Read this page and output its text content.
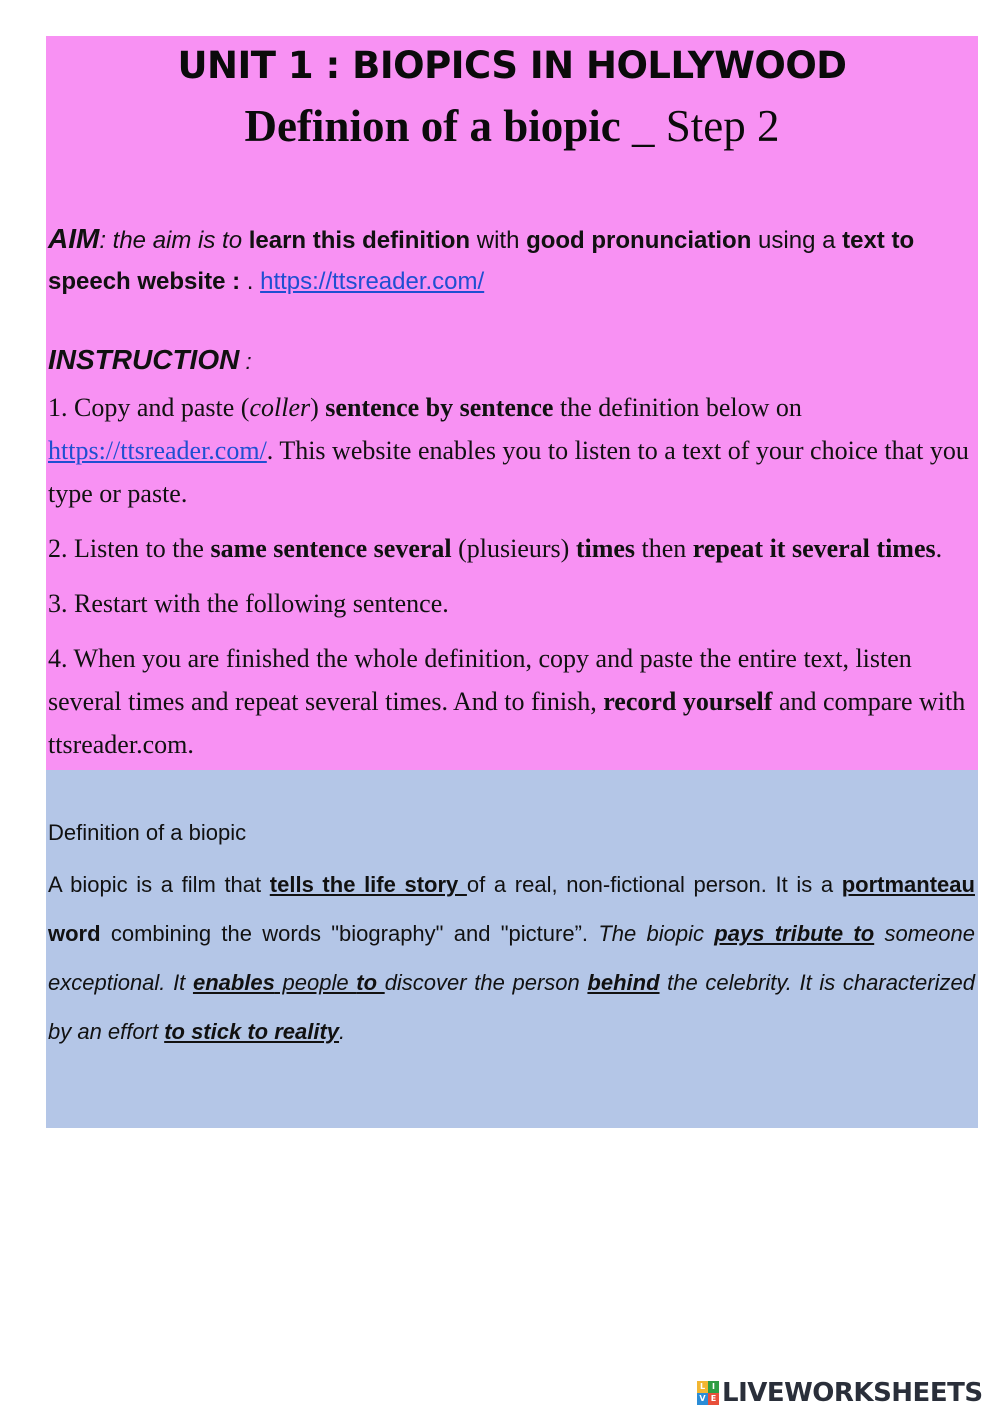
UNIT 1 : BIOPICS IN HOLLYWOOD
Definion of a biopic _ Step 2
AIM: the aim is to learn this definition with good pronunciation using a text to speech website : . https://ttsreader.com/
INSTRUCTION :

1. Copy and paste (coller) sentence by sentence the definition below on https://ttsreader.com/. This website enables you to listen to a text of your choice that you type or paste.

2. Listen to the same sentence several (plusieurs) times then repeat it several times.

3. Restart with the following sentence.

4. When you are finished the whole definition, copy and paste the entire text, listen several times and repeat several times. And to finish, record yourself and compare with ttsreader.com.

Definition of a biopic
A biopic is a film that tells the life story of a real, non-fictional person. It is a portmanteau word combining the words "biography" and "picture”. The biopic pays tribute to someone exceptional. It enables people to discover the person behind the celebrity. It is characterized by an effort to stick to reality.
L I
V E LIVEWORKSHEETS
